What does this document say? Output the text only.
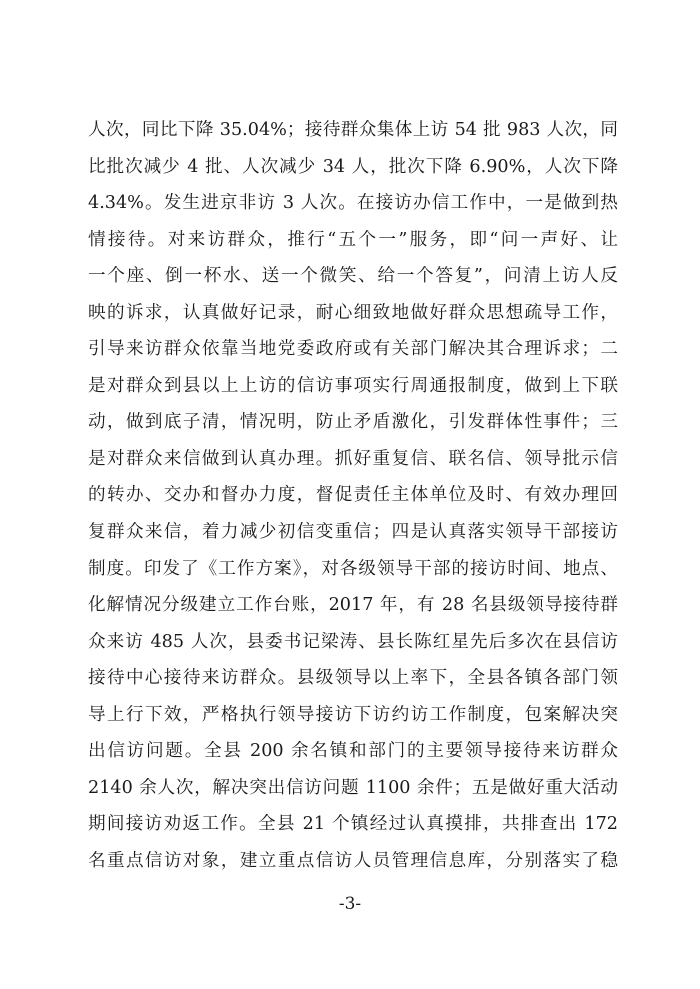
人次，同比下降 35.04%；接待群众集体上访 54 批 983 人次，同
比批次减少 4 批、人次减少 34 人，批次下降 6.90%，人次下降
4.34%。发生进京非访 3 人次。在接访办信工作中，一是做到热
情接待。对来访群众，推行“五个一”服务，即“问一声好、让
一个座、倒一杯水、送一个微笑、给一个答复”，问清上访人反
映的诉求，认真做好记录，耐心细致地做好群众思想疏导工作，
引导来访群众依靠当地党委政府或有关部门解决其合理诉求；二
是对群众到县以上上访的信访事项实行周通报制度，做到上下联
动，做到底子清，情况明，防止矛盾激化，引发群体性事件；三
是对群众来信做到认真办理。抓好重复信、联名信、领导批示信
的转办、交办和督办力度，督促责任主体单位及时、有效办理回
复群众来信，着力减少初信变重信；四是认真落实领导干部接访
制度。印发了《工作方案》，对各级领导干部的接访时间、地点、
化解情况分级建立工作台账，2017 年，有 28 名县级领导接待群
众来访 485 人次，县委书记梁涛、县长陈红星先后多次在县信访
接待中心接待来访群众。县级领导以上率下，全县各镇各部门领
导上行下效，严格执行领导接访下访约访工作制度，包案解决突
出信访问题。全县 200 余名镇和部门的主要领导接待来访群众
2140 余人次，解决突出信访问题 1100 余件；五是做好重大活动
期间接访劝返工作。全县 21 个镇经过认真摸排，共排查出 172
名重点信访对象，建立重点信访人员管理信息库，分别落实了稳
-3-
